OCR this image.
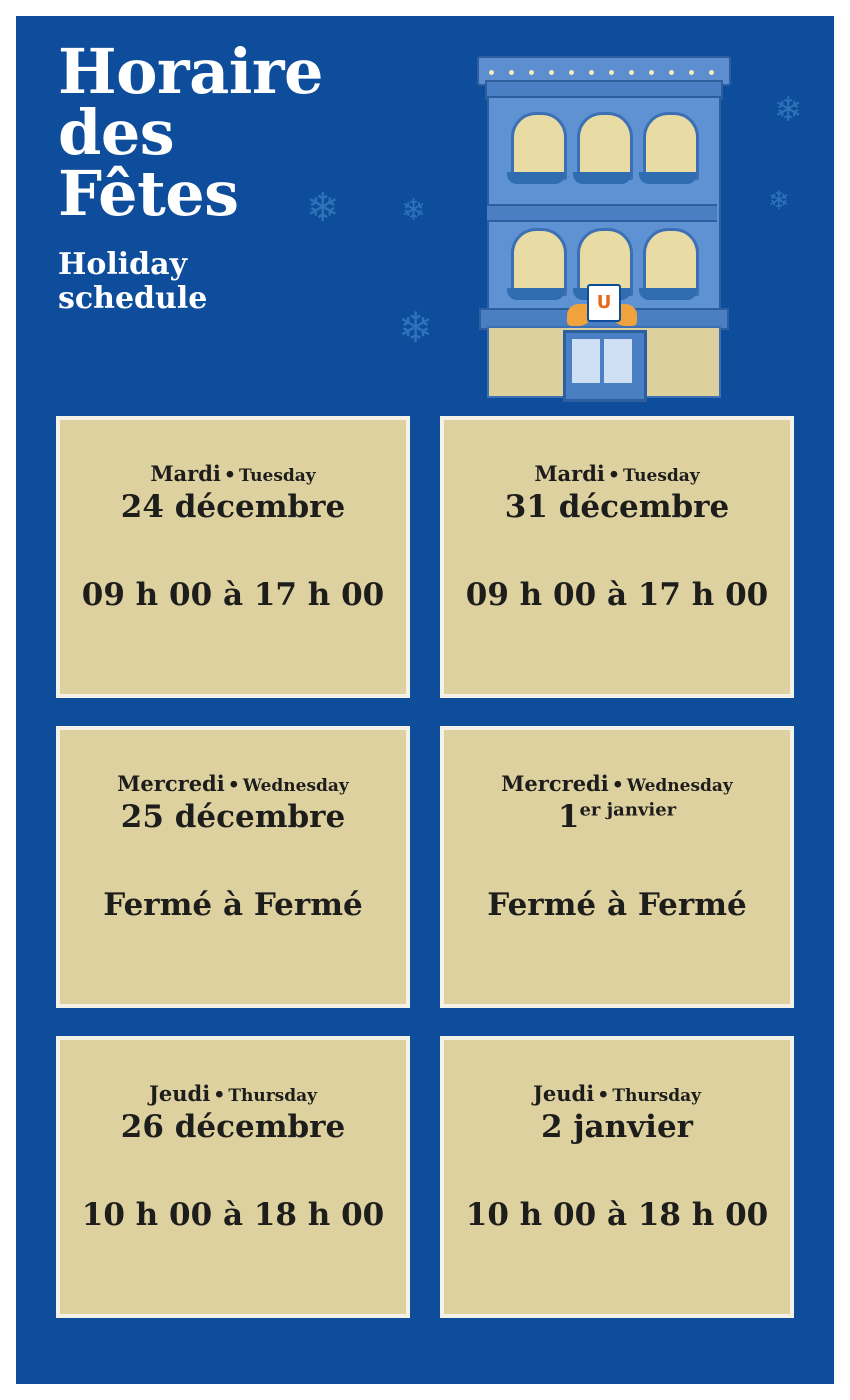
Horaire
des
Fêtes
Holiday
schedule
❄ ❄
❄
❄
❄
U
Mardi • Tuesday
24 décembre
09 h 00 à 17 h 00
Mardi • Tuesday
31 décembre
09 h 00 à 17 h 00
Mercredi • Wednesday
25 décembre
Fermé à Fermé
Mercredi • Wednesday
$1^{er janvier}$
Fermé à Fermé
Jeudi • Thursday
26 décembre
10 h 00 à 18 h 00
Jeudi • Thursday
2 janvier
10 h 00 à 18 h 00
